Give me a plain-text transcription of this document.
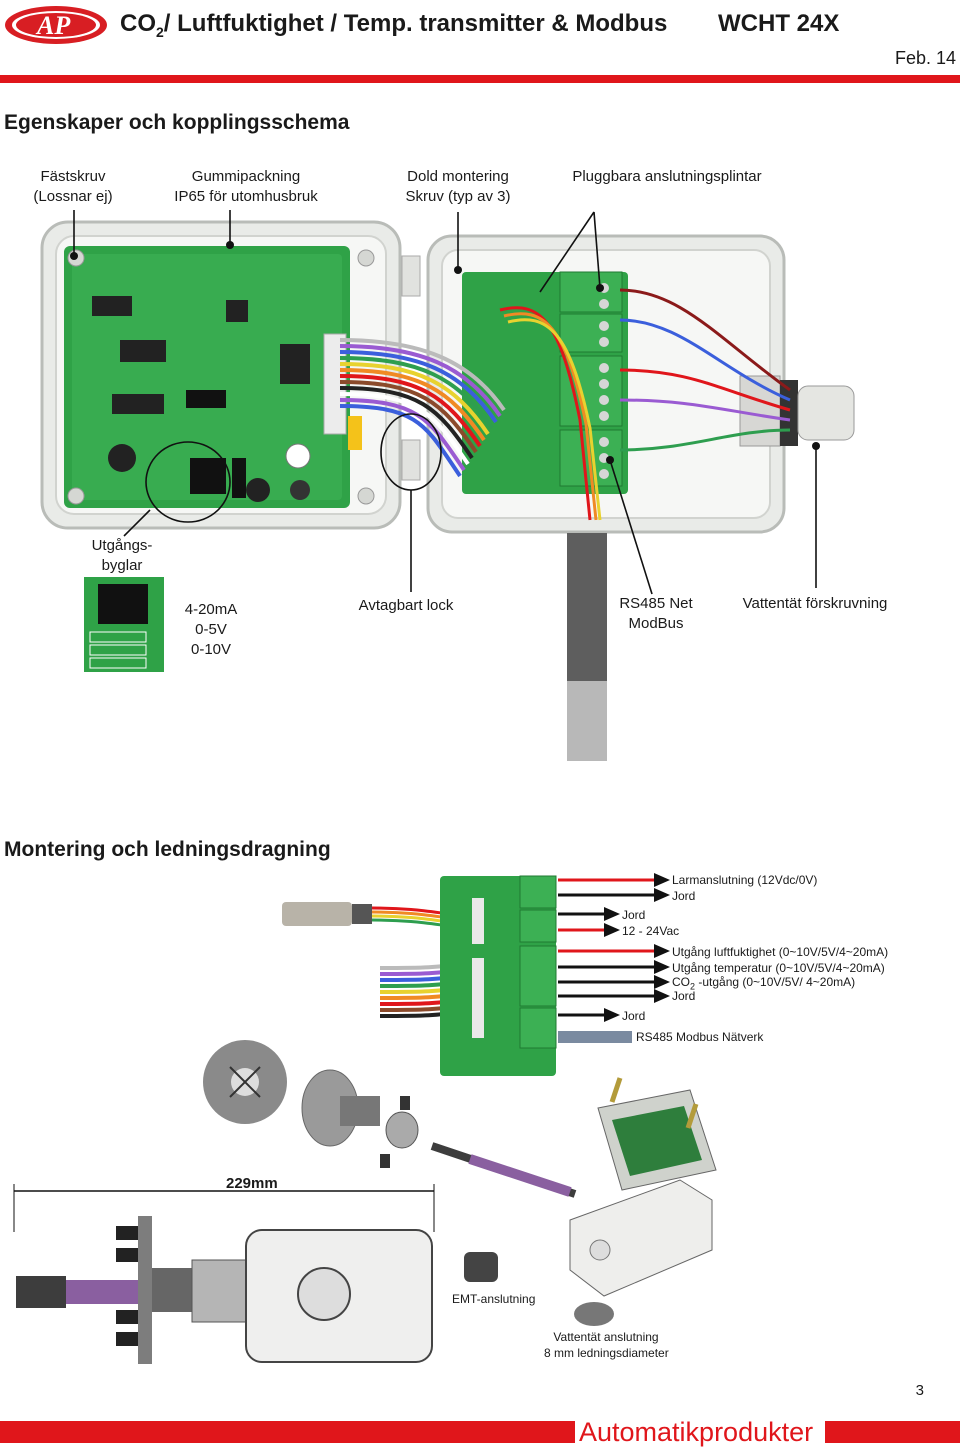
AP $CO_2/$ Luftfuktighet / Temp. transmitter & Modbus WCHT 24X
Feb. 14
Egenskaper och kopplingsschema
Fästskruv
(Lossnar ej)
Gummipackning
IP65 för utomhusbruk
Dold montering
Skruv (typ av 3)
Pluggbara anslutningsplintar
Utgångs-
byglar
4-20mA
0-5V
0-10V
Avtagbart lock	RS485 Net
ModBus
Vattentät förskruvning
Montering och ledningsdragning
Larmanslutning (12Vdc/0V)
Jord
Jord
12 - 24Vac
Utgång luftfuktighet (0~10V/5V/4~20mA)
Utgång temperatur (0~10V/5V/4~20mA)
$CO_2$ -utgång (0~10V/5V/ 4~20mA)
Jord
Jord
RS485 Modbus Nätverk
229mm
EMT-anslutning
Vattentät anslutning
8 mm ledningsdiameter
3
Automatikprodukter
